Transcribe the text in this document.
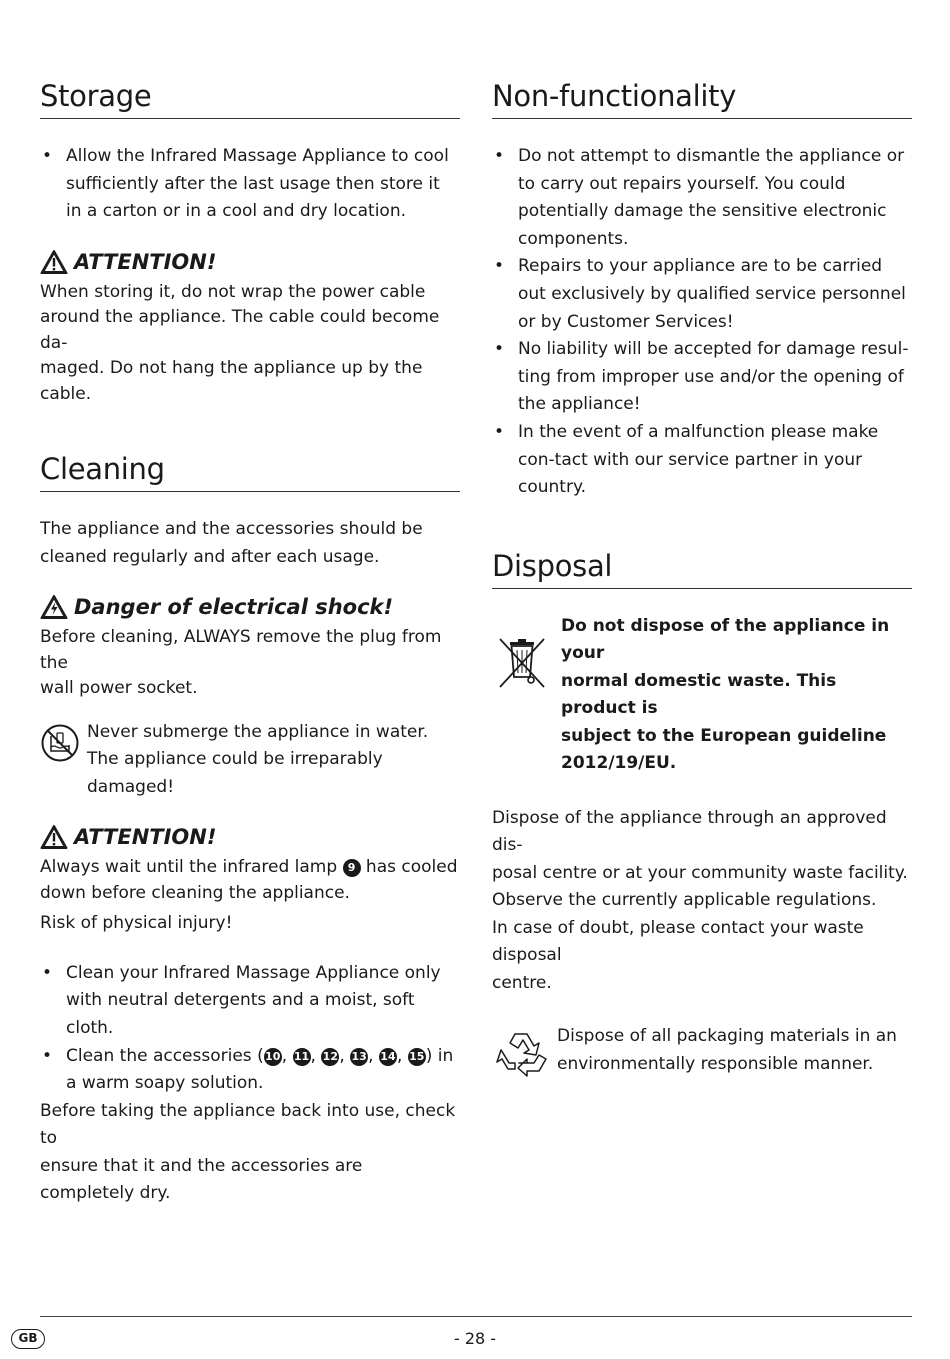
Storage
• Allow the Infrared Massage Appliance to cool sufficiently after the last usage then store it in a carton or in a cool and dry location.
ATTENTION!

When storing it, do not wrap the power cable

around the appliance. The cable could become da-

maged. Do not hang the appliance up by the cable.

Cleaning

The appliance and the accessories should be

cleaned regularly and after each usage.

Danger of electrical shock!

Before cleaning, ALWAYS remove the plug from the

wall power socket.

Never submerge the appliance in water.

The appliance could be irreparably damaged!

ATTENTION!

Always wait until the infrared lamp 9 has cooled

down before cleaning the appliance.

Risk of physical injury!

• Clean your Infrared Massage Appliance only with neutral detergents and a moist, soft cloth.
• Clean the accessories (10, 11, 12, 13, 14, 15) in a warm soapy solution.

Before taking the appliance back into use, check to

ensure that it and the accessories are completely dry.

Non-functionality
• Do not attempt to dismantle the appliance or to carry out repairs yourself. You could potentially damage the sensitive electronic components.
• Repairs to your appliance are to be carried out exclusively by qualified service personnel or by Customer Services!
• No liability will be accepted for damage resul-ting from improper use and/or the opening of the appliance!
• In the event of a malfunction please make con-tact with our service partner in your country.
Disposal

Do not dispose of the appliance in your

normal domestic waste. This product is

subject to the European guideline

2012/19/EU.

Dispose of the appliance through an approved dis-

posal centre or at your community waste facility.

Observe the currently applicable regulations.

In case of doubt, please contact your waste disposal

centre.

Dispose of all packaging materials in an

environmentally responsible manner.

GB	- 28 -
